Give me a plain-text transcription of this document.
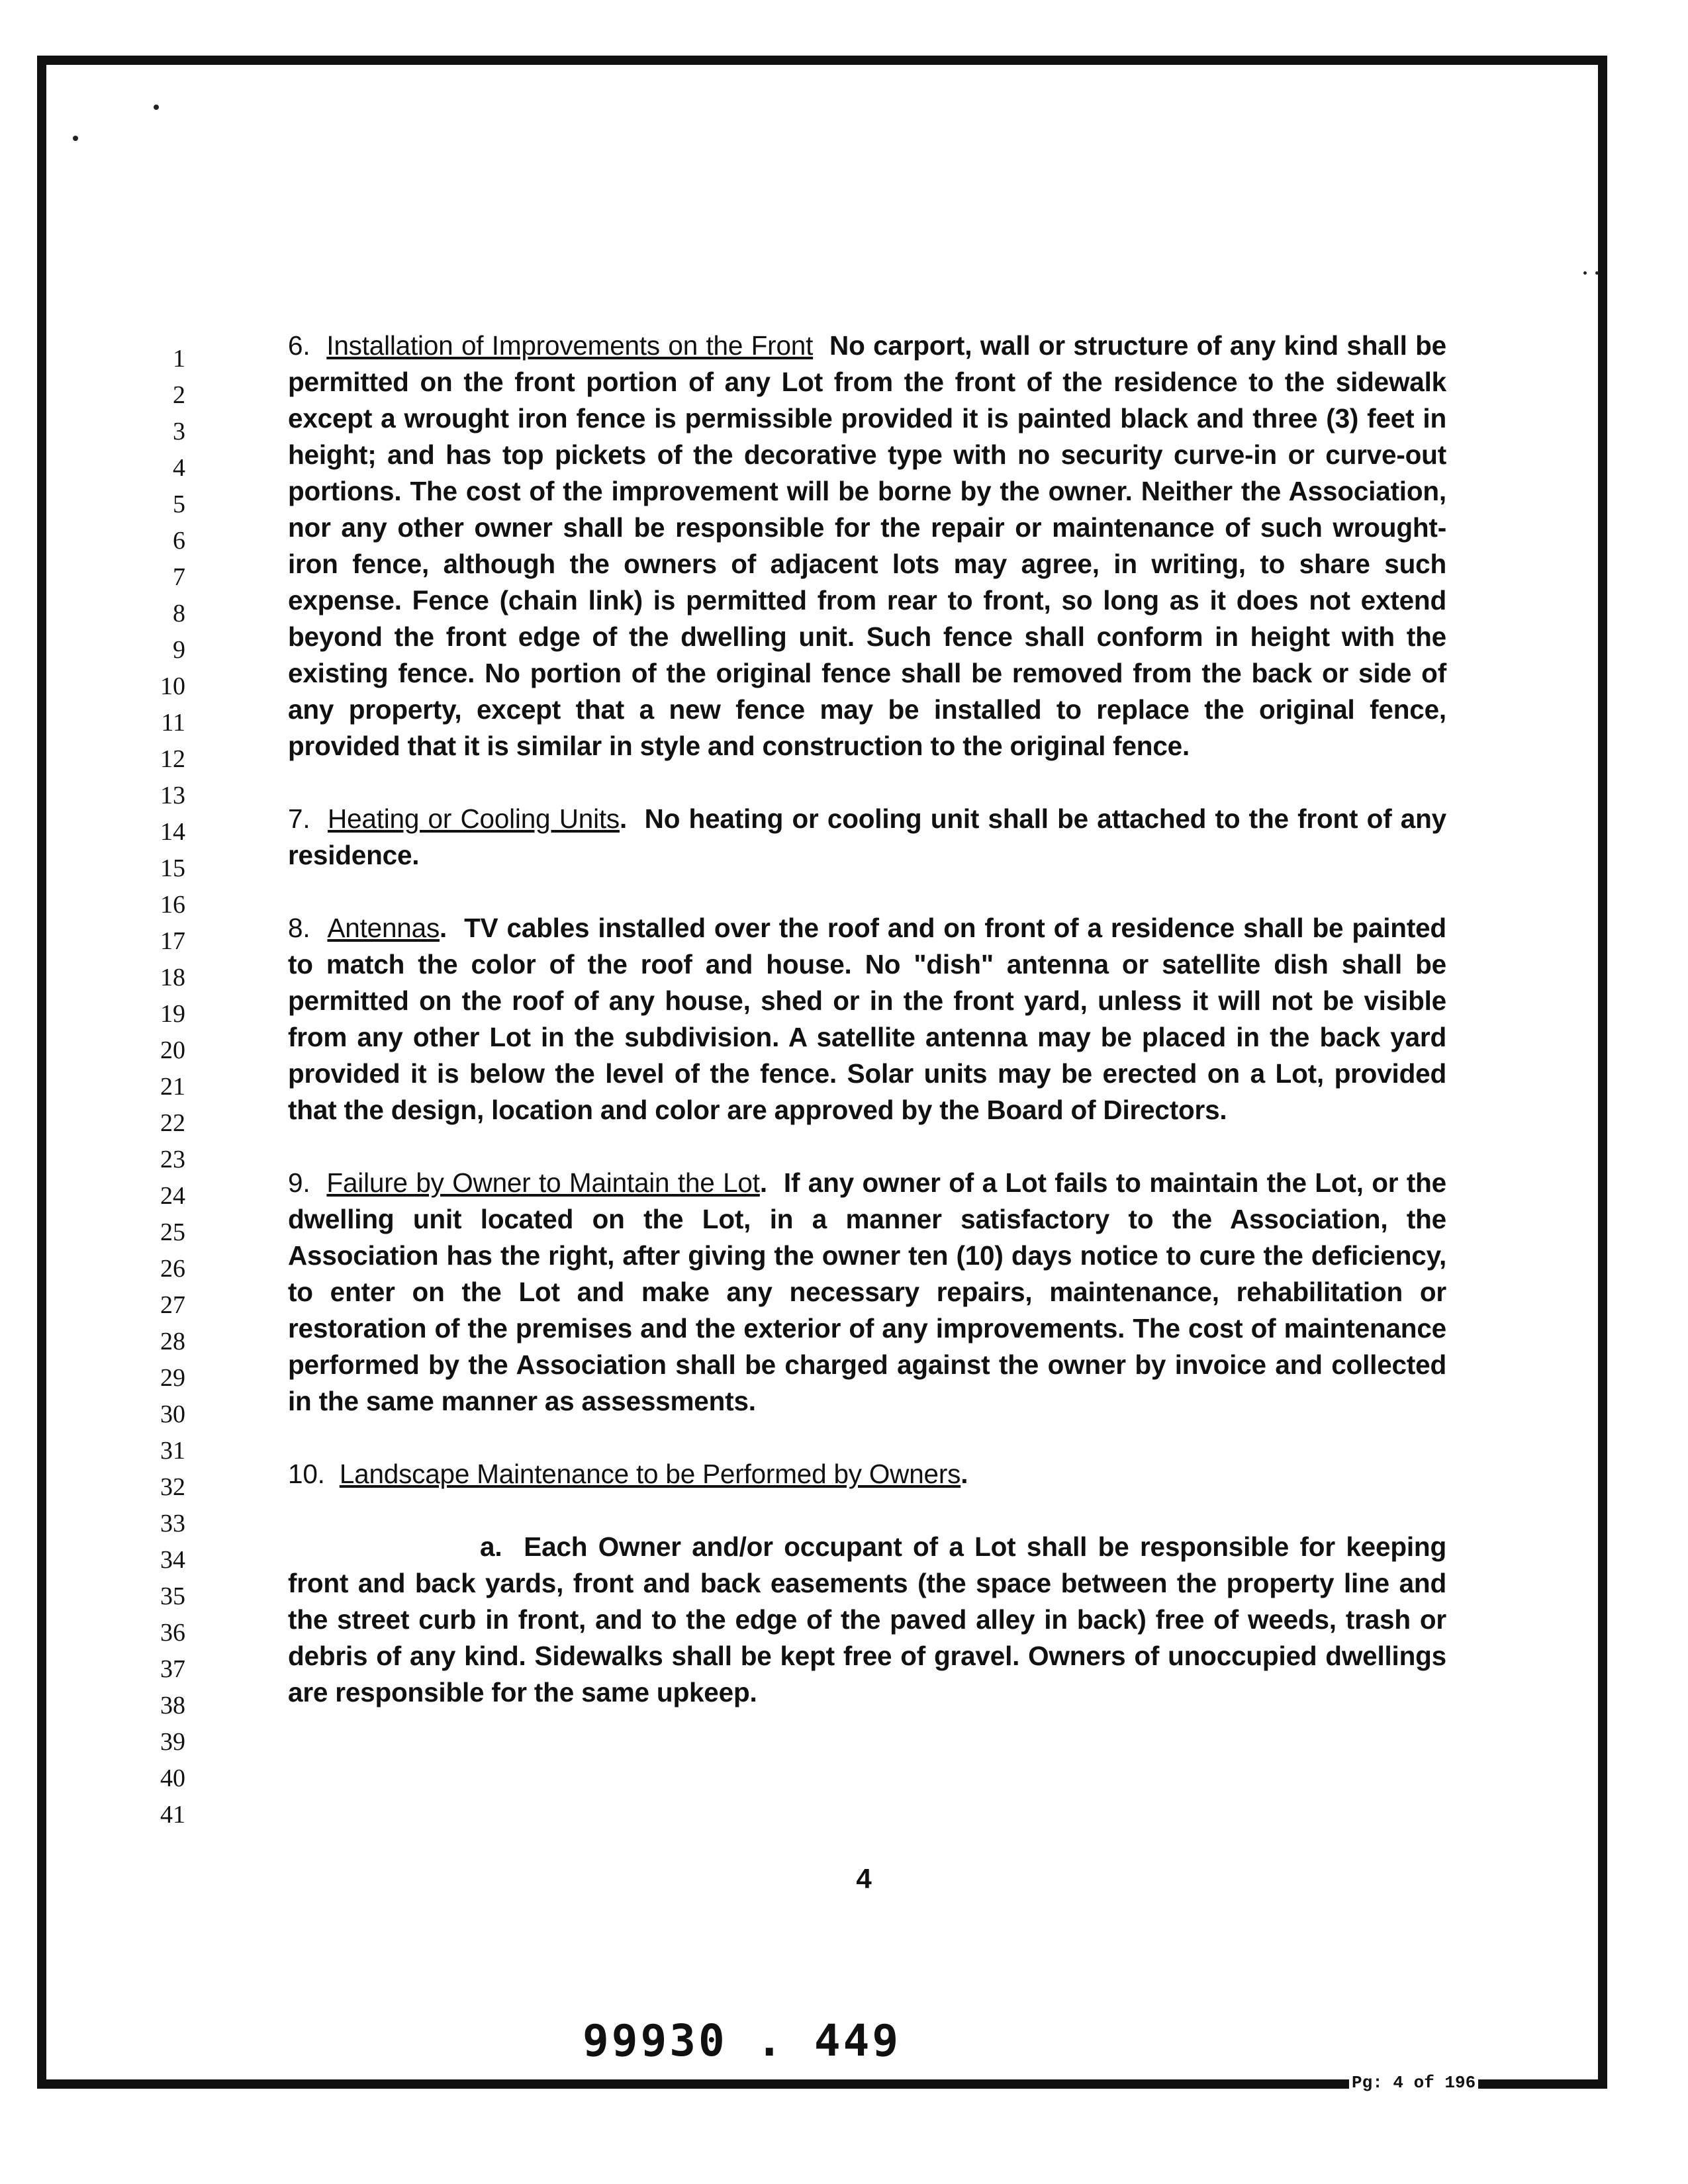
1
2
3
4
5
6
7
8
9
10
11
12
13
14
15
16
17
18
19
20
21
22
23
24
25
26
27
28
29
30
31
32
33
34
35
36
37
38
39
40
41

6. Installation of Improvements on the Front No carport, wall or structure of any kind shall be permitted on the front portion of any Lot from the front of the residence to the sidewalk except a wrought iron fence is permissible provided it is painted black and three (3) feet in height; and has top pickets of the decorative type with no security curve-in or curve-out portions. The cost of the improvement will be borne by the owner. Neither the Association, nor any other owner shall be responsible for the repair or maintenance of such wrought-iron fence, although the owners of adjacent lots may agree, in writing, to share such expense. Fence (chain link) is permitted from rear to front, so long as it does not extend beyond the front edge of the dwelling unit. Such fence shall conform in height with the existing fence. No portion of the original fence shall be removed from the back or side of any property, except that a new fence may be installed to replace the original fence, provided that it is similar in style and construction to the original fence.

7. Heating or Cooling Units.  No heating or cooling unit shall be attached to the front of any residence.

8. Antennas.  TV cables installed over the roof and on front of a residence shall be painted to match the color of the roof and house. No "dish" antenna or satellite dish shall be permitted on the roof of any house, shed or in the front yard, unless it will not be visible from any other Lot in the subdivision. A satellite antenna may be placed in the back yard provided it is below the level of the fence. Solar units may be erected on a Lot, provided that the design, location and color are approved by the Board of Directors.

9. Failure by Owner to Maintain the Lot.  If any owner of a Lot fails to maintain the Lot, or the dwelling unit located on the Lot, in a manner satisfactory to the Association, the Association has the right, after giving the owner ten (10) days notice to cure the deficiency, to enter on the Lot and make any necessary repairs, maintenance, rehabilitation or restoration of the premises and the exterior of any improvements. The cost of maintenance performed by the Association shall be charged against the owner by invoice and collected in the same manner as assessments.

10. Landscape Maintenance to be Performed by Owners.

a. Each Owner and/or occupant of a Lot shall be responsible for keeping front and back yards, front and back easements (the space between the property line and the street curb in front, and to the edge of the paved alley in back) free of weeds, trash or debris of any kind. Sidewalks shall be kept free of gravel. Owners of unoccupied dwellings are responsible for the same upkeep.

4
99930 . 449
Pg: 4 of 196
